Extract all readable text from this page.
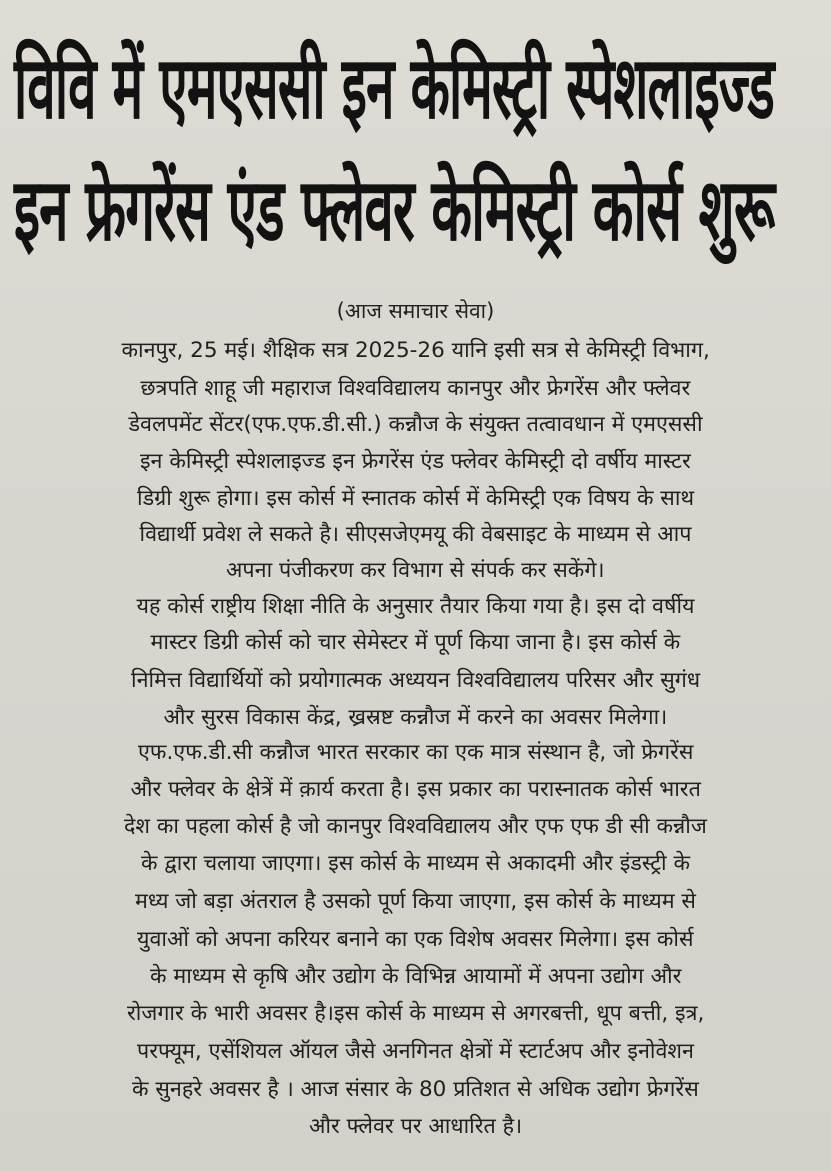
विवि में एमएससी इन केमिस्ट्री स्पेशलाइज्ड
इन फ्रेगरेंस एंड फ्लेवर केमिस्ट्री कोर्स शुरू
(आज समाचार सेवा)
कानपुर, 25 मई। शैक्षिक सत्र 2025-26 यानि इसी सत्र से केमिस्ट्री विभाग,
छत्रपति शाहू जी महाराज विश्वविद्यालय कानपुर और फ्रेगरेंस और फ्लेवर
डेवलपमेंट सेंटर(एफ.एफ.डी.सी.) कन्नौज के संयुक्त तत्वावधान में एमएससी
इन केमिस्ट्री स्पेशलाइज्ड इन फ्रेगरेंस एंड फ्लेवर केमिस्ट्री दो वर्षीय मास्टर
डिग्री शुरू होगा। इस कोर्स में स्नातक कोर्स में केमिस्ट्री एक विषय के साथ
विद्यार्थी प्रवेश ले सकते है। सीएसजेएमयू की वेबसाइट के माध्यम से आप
अपना पंजीकरण कर विभाग से संपर्क कर सकेंगे।
यह कोर्स राष्ट्रीय शिक्षा नीति के अनुसार तैयार किया गया है। इस दो वर्षीय
मास्टर डिग्री कोर्स को चार सेमेस्टर में पूर्ण किया जाना है। इस कोर्स के
निमित्त विद्यार्थियों को प्रयोगात्मक अध्ययन विश्वविद्यालय परिसर और सुगंध
और सुरस विकास केंद्र, ख्रस्रष्ट कन्नौज में करने का अवसर मिलेगा।
एफ.एफ.डी.सी कन्नौज भारत सरकार का एक मात्र संस्थान है, जो फ्रेगरेंस
और फ्लेवर के क्षेत्रें में क़ार्य करता है। इस प्रकार का परास्नातक कोर्स भारत
देश का पहला कोर्स है जो कानपुर विश्वविद्यालय और एफ एफ डी सी कन्नौज
के द्वारा चलाया जाएगा। इस कोर्स के माध्यम से अकादमी और इंडस्ट्री के
मध्य जो बड़ा अंतराल है उसको पूर्ण किया जाएगा, इस कोर्स के माध्यम से
युवाओं को अपना करियर बनाने का एक विशेष अवसर मिलेगा। इस कोर्स
के माध्यम से कृषि और उद्योग के विभिन्न आयामों में अपना उद्योग और
रोजगार के भारी अवसर है।इस कोर्स के माध्यम से अगरबत्ती, धूप बत्ती, इत्र,
परफ्यूम, एसेंशियल ऑयल जैसे अनगिनत क्षेत्रों में स्टार्टअप और इनोवेशन
के सुनहरे अवसर है । आज संसार के 80 प्रतिशत से अधिक उद्योग फ्रेगरेंस
और फ्लेवर पर आधारित है।
